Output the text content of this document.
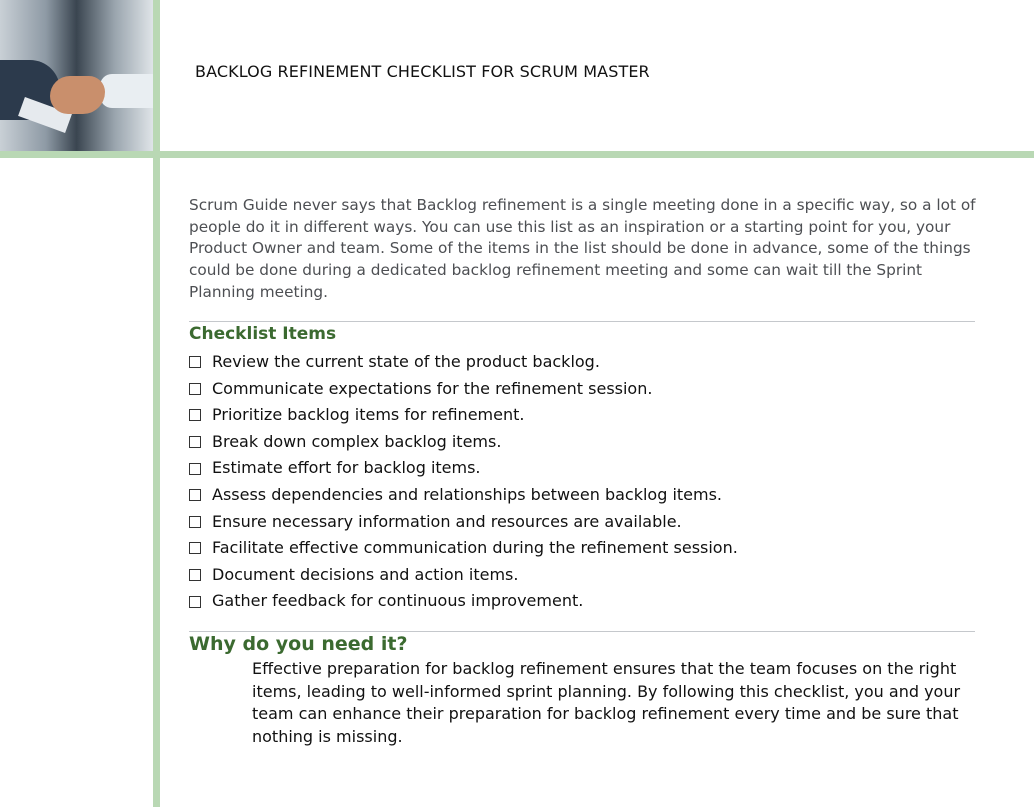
BACKLOG REFINEMENT CHECKLIST FOR SCRUM MASTER
Scrum Guide never says that Backlog refinement is a single meeting done in a specific way, so a lot of people do it in different ways. You can use this list as an inspiration or a starting point for you, your Product Owner and team. Some of the items in the list should be done in advance, some of the things could be done during a dedicated backlog refinement meeting and some can wait till the Sprint Planning meeting.
Checklist Items
Review the current state of the product backlog.
Communicate expectations for the refinement session.
Prioritize backlog items for refinement.
Break down complex backlog items.
Estimate effort for backlog items.
Assess dependencies and relationships between backlog items.
Ensure necessary information and resources are available.
Facilitate effective communication during the refinement session.
Document decisions and action items.
Gather feedback for continuous improvement.
Why do you need it?
Effective preparation for backlog refinement ensures that the team focuses on the right items, leading to well-informed sprint planning. By following this checklist, you and your team can enhance their preparation for backlog refinement every time and be sure that nothing is missing.
